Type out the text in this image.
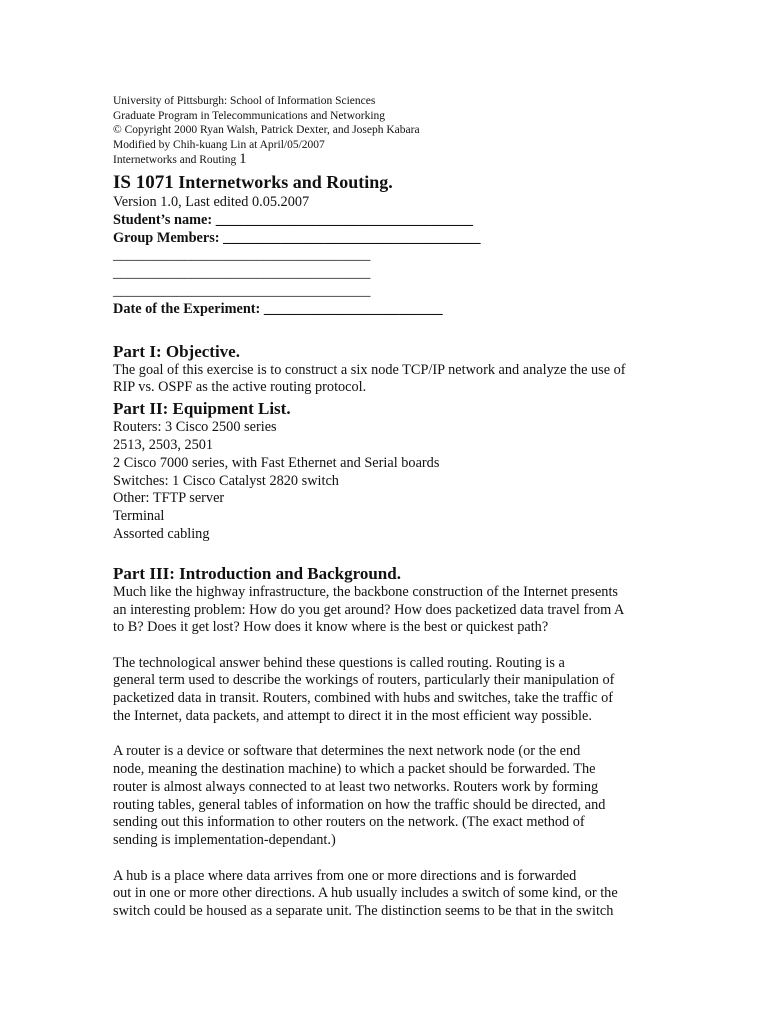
University of Pittsburgh: School of Information Sciences
Graduate Program in Telecommunications and Networking
© Copyright 2000 Ryan Walsh, Patrick Dexter, and Joseph Kabara
Modified by Chih-kuang Lin at April/05/2007
Internetworks and Routing 1
IS 1071 Internetworks and Routing.
Version 1.0, Last edited 0.05.2007
Student’s name: ____________________________________
Group Members: ____________________________________
____________________________________
____________________________________
____________________________________
Date of the Experiment: _________________________
Part I: Objective.
The goal of this exercise is to construct a six node TCP/IP network and analyze the use of
RIP vs. OSPF as the active routing protocol.
Part II: Equipment List.
Routers: 3 Cisco 2500 series
2513, 2503, 2501
2 Cisco 7000 series, with Fast Ethernet and Serial boards
Switches: 1 Cisco Catalyst 2820 switch
Other: TFTP server
Terminal
Assorted cabling
Part III: Introduction and Background.
Much like the highway infrastructure, the backbone construction of the Internet presents
an interesting problem: How do you get around? How does packetized data travel from A
to B? Does it get lost? How does it know where is the best or quickest path?
The technological answer behind these questions is called routing. Routing is a
general term used to describe the workings of routers, particularly their manipulation of
packetized data in transit. Routers, combined with hubs and switches, take the traffic of
the Internet, data packets, and attempt to direct it in the most efficient way possible.
A router is a device or software that determines the next network node (or the end
node, meaning the destination machine) to which a packet should be forwarded. The
router is almost always connected to at least two networks. Routers work by forming
routing tables, general tables of information on how the traffic should be directed, and
sending out this information to other routers on the network. (The exact method of
sending is implementation-dependant.)
A hub is a place where data arrives from one or more directions and is forwarded
out in one or more other directions. A hub usually includes a switch of some kind, or the
switch could be housed as a separate unit. The distinction seems to be that in the switch
